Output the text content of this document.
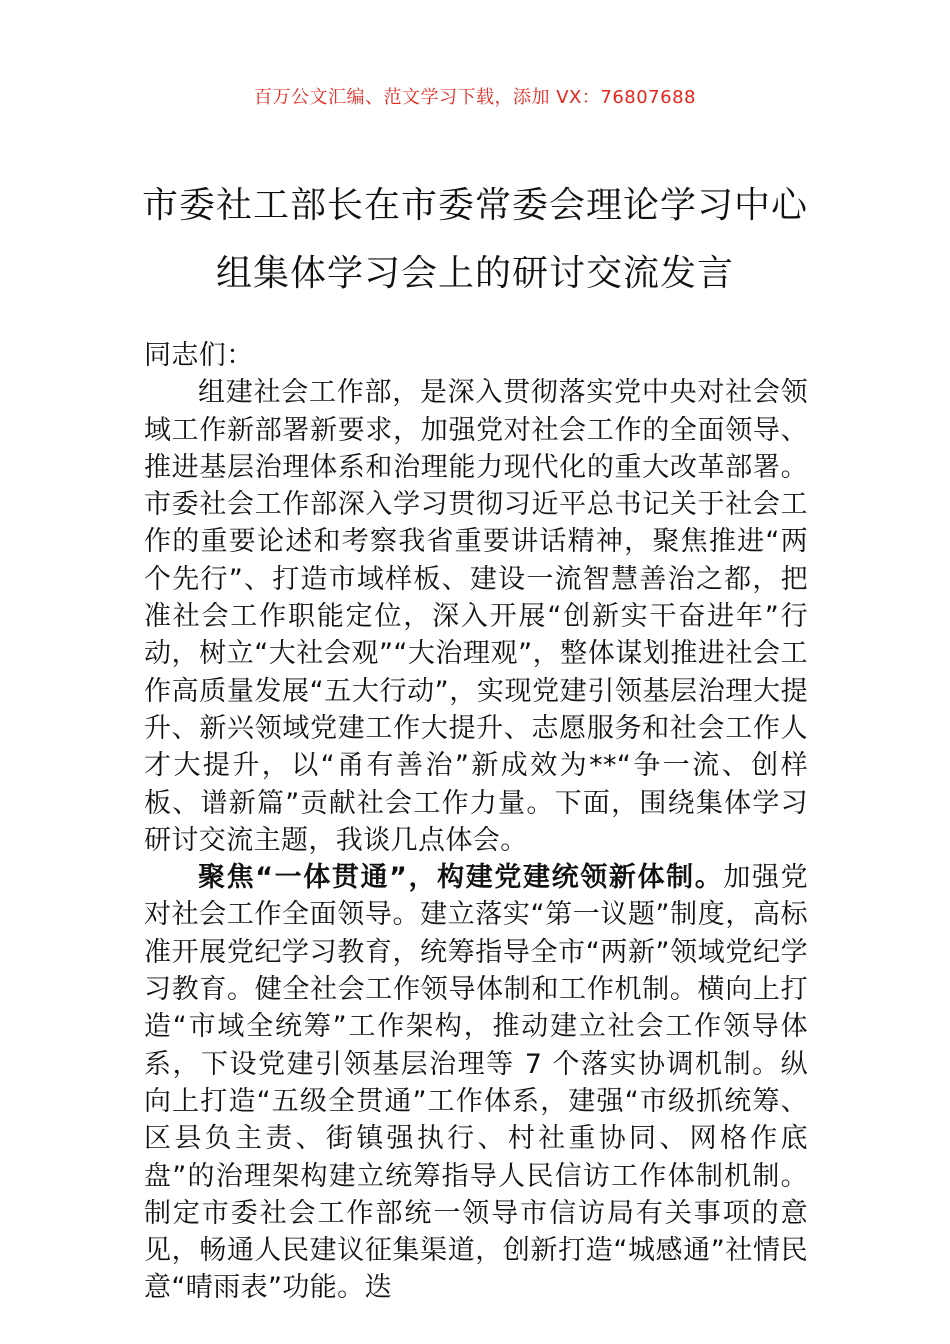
百万公文汇编、范文学习下载，添加 VX：76807688
市委社工部长在市委常委会理论学习中心
组集体学习会上的研讨交流发言

同志们：

组建社会工作部，是深入贯彻落实党中央对社会领域工作新部署新要求，加强党对社会工作的全面领导、推进基层治理体系和治理能力现代化的重大改革部署。市委社会工作部深入学习贯彻习近平总书记关于社会工作的重要论述和考察我省重要讲话精神，聚焦推进“两个先行”、打造市域样板、建设一流智慧善治之都，把准社会工作职能定位，深入开展“创新实干奋进年”行动，树立“大社会观”“大治理观”，整体谋划推进社会工作高质量发展“五大行动”，实现党建引领基层治理大提升、新兴领域党建工作大提升、志愿服务和社会工作人才大提升，以“甬有善治”新成效为**“争一流、创样板、谱新篇”贡献社会工作力量。下面，围绕集体学习研讨交流主题，我谈几点体会。

聚焦“一体贯通”，构建党建统领新体制。加强党对社会工作全面领导。建立落实“第一议题”制度，高标准开展党纪学习教育，统筹指导全市“两新”领域党纪学习教育。健全社会工作领导体制和工作机制。横向上打造“市域全统筹”工作架构，推动建立社会工作领导体系，下设党建引领基层治理等 7 个落实协调机制。纵向上打造“五级全贯通”工作体系，建强“市级抓统筹、区县负主责、街镇强执行、村社重协同、网格作底盘”的治理架构建立统筹指导人民信访工作体制机制。制定市委社会工作部统一领导市信访局有关事项的意见，畅通人民建议征集渠道，创新打造“城感通”社情民意“晴雨表”功能。迭
